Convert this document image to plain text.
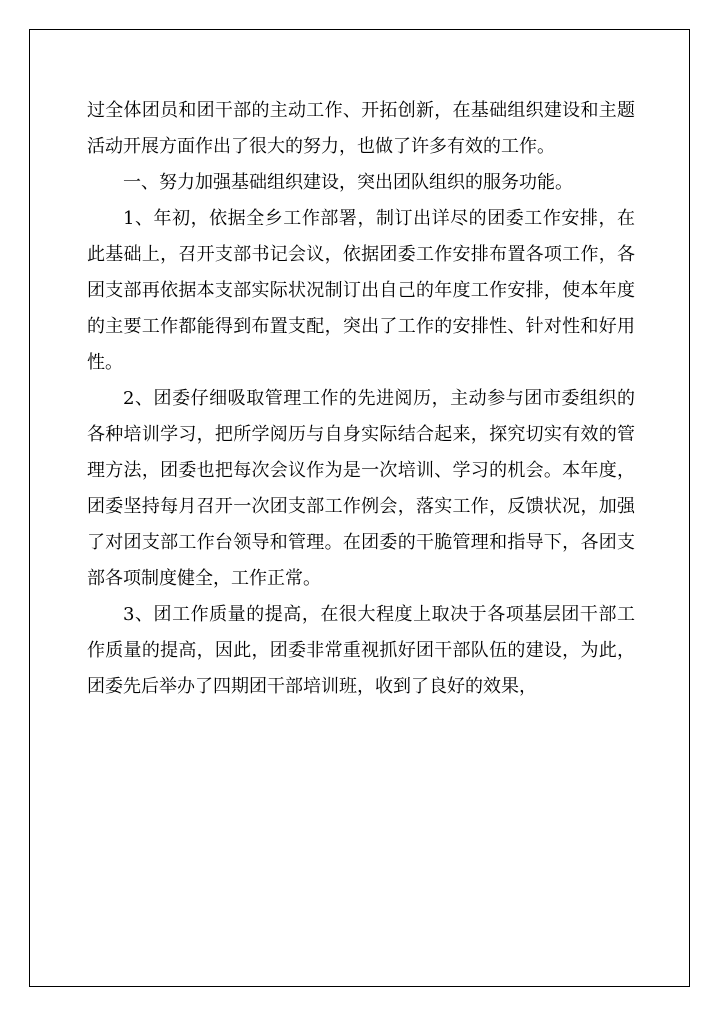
过全体团员和团干部的主动工作、开拓创新，在基础组织建设和主题活动开展方面作出了很大的努力，也做了许多有效的工作。

一、努力加强基础组织建设，突出团队组织的服务功能。

1、年初，依据全乡工作部署，制订出详尽的团委工作安排，在此基础上，召开支部书记会议，依据团委工作安排布置各项工作，各团支部再依据本支部实际状况制订出自己的年度工作安排，使本年度的主要工作都能得到布置支配，突出了工作的安排性、针对性和好用性。

2、团委仔细吸取管理工作的先进阅历，主动参与团市委组织的各种培训学习，把所学阅历与自身实际结合起来，探究切实有效的管理方法，团委也把每次会议作为是一次培训、学习的机会。本年度，团委坚持每月召开一次团支部工作例会，落实工作，反馈状况，加强了对团支部工作台领导和管理。在团委的干脆管理和指导下，各团支部各项制度健全，工作正常。

3、团工作质量的提高，在很大程度上取决于各项基层团干部工作质量的提高，因此，团委非常重视抓好团干部队伍的建设，为此，团委先后举办了四期团干部培训班，收到了良好的效果，
